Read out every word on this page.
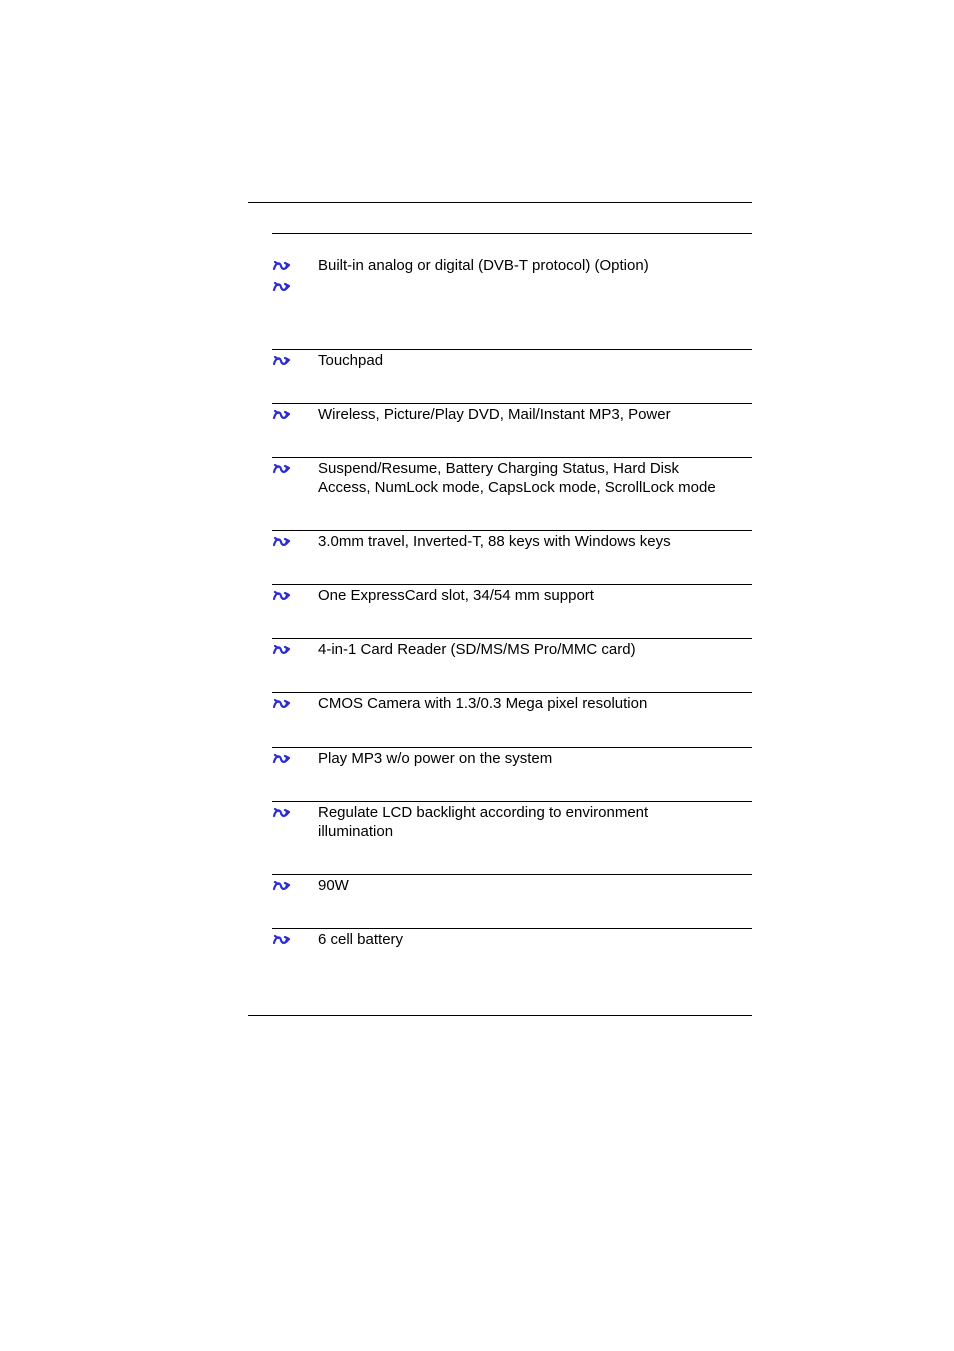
Built-in analog or digital (DVB-T protocol) (Option)
Touchpad
Wireless, Picture/Play DVD, Mail/Instant MP3, Power
Suspend/Resume, Battery Charging Status, Hard Disk
Access, NumLock mode, CapsLock mode, ScrollLock mode
3.0mm travel, Inverted-T, 88 keys with Windows keys
One ExpressCard slot, 34/54 mm support
4-in-1 Card Reader (SD/MS/MS Pro/MMC card)
CMOS Camera with 1.3/0.3 Mega pixel resolution
Play MP3 w/o power on the system
Regulate LCD backlight according to environment
illumination
90W
6 cell battery
